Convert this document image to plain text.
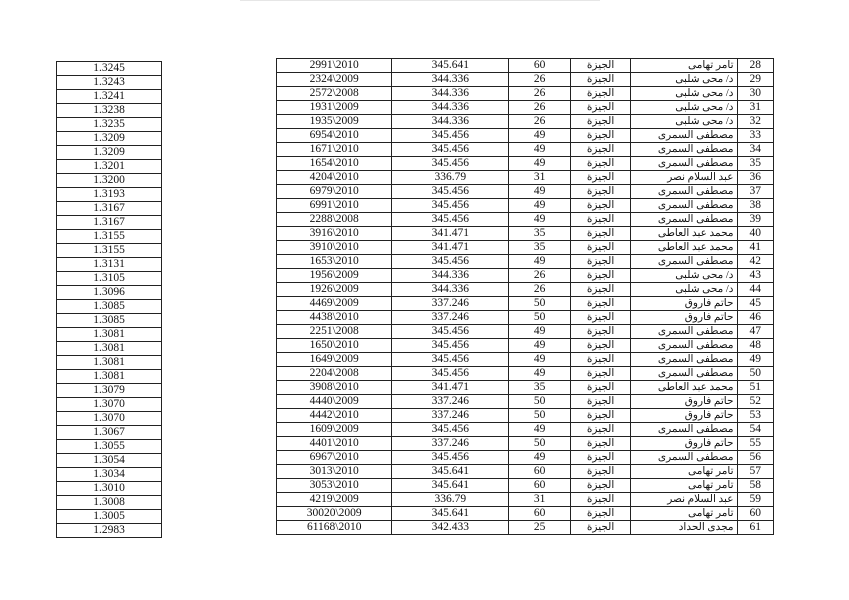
1.3245
1.3243
1.3241
1.3238
1.3235
1.3209
1.3209
1.3201
1.3200
1.3193
1.3167
1.3167
1.3155
1.3155
1.3131
1.3105
1.3096
1.3085
1.3085
1.3081
1.3081
1.3081
1.3081
1.3079
1.3070
1.3070
1.3067
1.3055
1.3054
1.3034
1.3010
1.3008
1.3005
1.2983
2991\2010	345.641	60	الجيزة	تامر تهامى	28
2324\2009	344.336	26	الجيزة	د/ محى شلبى	29
2572\2008	344.336	26	الجيزة	د/ محى شلبى	30
1931\2009	344.336	26	الجيزة	د/ محى شلبى	31
1935\2009	344.336	26	الجيزة	د/ محى شلبى	32
6954\2010	345.456	49	الجيزة	مصطفى السمرى	33
1671\2010	345.456	49	الجيزة	مصطفى السمرى	34
1654\2010	345.456	49	الجيزة	مصطفى السمرى	35
4204\2010	336.79	31	الجيزة	عبد السلام نصر	36
6979\2010	345.456	49	الجيزة	مصطفى السمرى	37
6991\2010	345.456	49	الجيزة	مصطفى السمرى	38
2288\2008	345.456	49	الجيزة	مصطفى السمرى	39
3916\2010	341.471	35	الجيزة	محمد عبد العاطى	40
3910\2010	341.471	35	الجيزة	محمد عبد العاطى	41
1653\2010	345.456	49	الجيزة	مصطفى السمرى	42
1956\2009	344.336	26	الجيزة	د/ محى شلبى	43
1926\2009	344.336	26	الجيزة	د/ محى شلبى	44
4469\2009	337.246	50	الجيزة	حاتم فاروق	45
4438\2010	337.246	50	الجيزة	حاتم فاروق	46
2251\2008	345.456	49	الجيزة	مصطفى السمرى	47
1650\2010	345.456	49	الجيزة	مصطفى السمرى	48
1649\2009	345.456	49	الجيزة	مصطفى السمرى	49
2204\2008	345.456	49	الجيزة	مصطفى السمرى	50
3908\2010	341.471	35	الجيزة	محمد عبد العاطى	51
4440\2009	337.246	50	الجيزة	حاتم فاروق	52
4442\2010	337.246	50	الجيزة	حاتم فاروق	53
1609\2009	345.456	49	الجيزة	مصطفى السمرى	54
4401\2010	337.246	50	الجيزة	حاتم فاروق	55
6967\2010	345.456	49	الجيزة	مصطفى السمرى	56
3013\2010	345.641	60	الجيزة	تامر تهامى	57
3053\2010	345.641	60	الجيزة	تامر تهامى	58
4219\2009	336.79	31	الجيزة	عبد السلام نصر	59
30020\2009	345.641	60	الجيزة	تامر تهامى	60
61168\2010	342.433	25	الجيزة	مجدى الحداد	61
